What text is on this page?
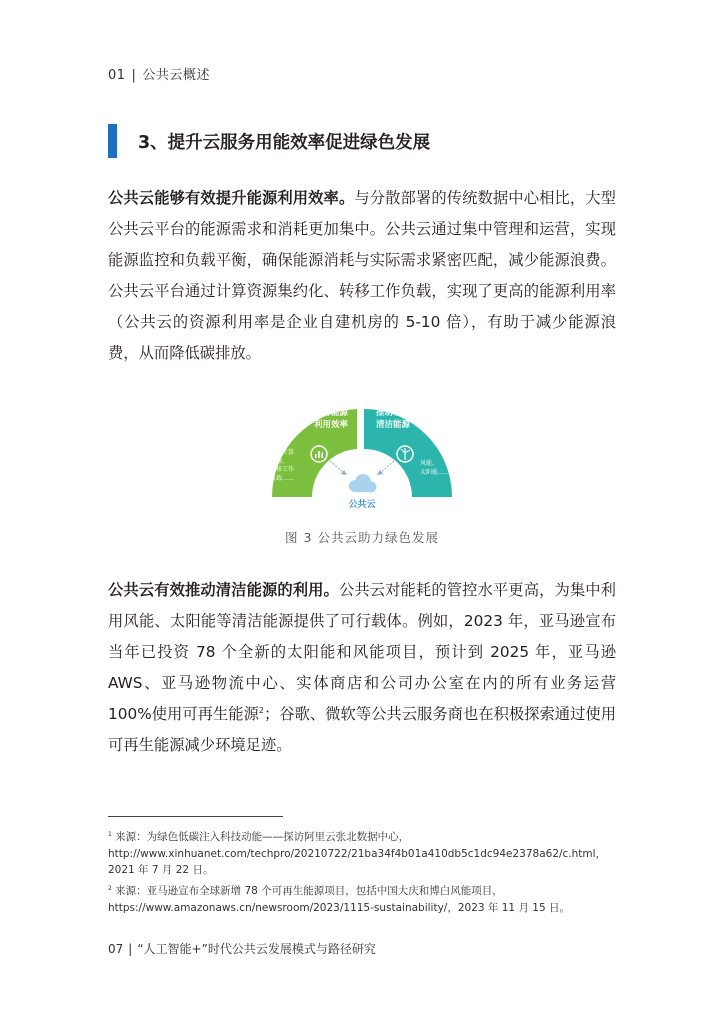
01 | 公共云概述
3、提升云服务用能效率促进绿色发展
公共云能够有效提升能源利用效率。与分散部署的传统数据中心相比，大型公共云平台的能源需求和消耗更加集中。公共云通过集中管理和运营，实现能源监控和负载平衡，确保能源消耗与实际需求紧密匹配，减少能源浪费。公共云平台通过计算资源集约化、转移工作负载，实现了更高的能源利用率（公共云的资源利用率是企业自建机房的 5-10 倍），有助于减少能源浪费，从而降低碳排放。
提升能源
利用效率
推动利用
清洁能源
聚集计算
资源、
转移工作
负载……
风能、
太阳能……
公共云
图 3 公共云助力绿色发展
公共云有效推动清洁能源的利用。公共云对能耗的管控水平更高，为集中利用风能、太阳能等清洁能源提供了可行载体。例如，2023 年，亚马逊宣布当年已投资 78 个全新的太阳能和风能项目，预计到 2025 年，亚马逊 AWS、亚马逊物流中心、实体商店和公司办公室在内的所有业务运营 100%使用可再生能源$^2$；谷歌、微软等公共云服务商也在积极探索通过使用可再生能源减少环境足迹。
$^1$ 来源：为绿色低碳注入科技动能——探访阿里云张北数据中心，
http://www.xinhuanet.com/techpro/20210722/21ba34f4b01a410db5c1dc94e2378a62/c.html，2021 年 7 月 22 日。
$^2$ 来源：亚马逊宣布全球新增 78 个可再生能源项目，包括中国大庆和博白风能项目，
https://www.amazonaws.cn/newsroom/2023/1115-sustainability/，2023 年 11 月 15 日。
07 | “人工智能+”时代公共云发展模式与路径研究
